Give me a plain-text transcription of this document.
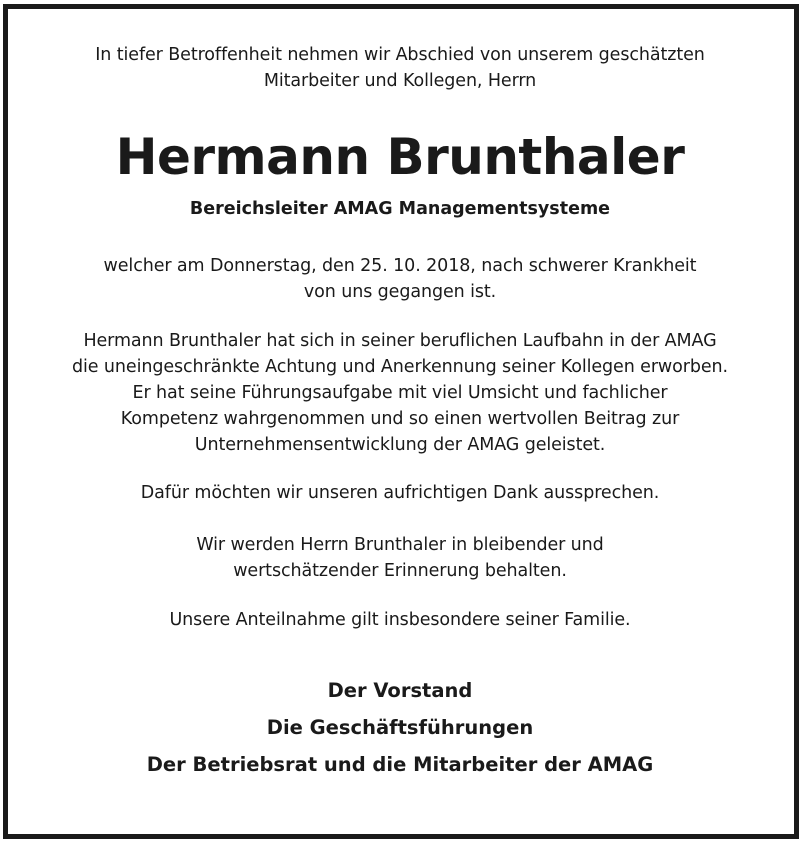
In tiefer Betroffenheit nehmen wir Abschied von unserem geschätzten
Mitarbeiter und Kollegen, Herrn

Hermann Brunthaler

Bereichsleiter AMAG Managementsysteme

welcher am Donnerstag, den 25. 10. 2018, nach schwerer Krankheit
von uns gegangen ist.

Hermann Brunthaler hat sich in seiner beruflichen Laufbahn in der AMAG
die uneingeschränkte Achtung und Anerkennung seiner Kollegen erworben.
Er hat seine Führungsaufgabe mit viel Umsicht und fachlicher
Kompetenz wahrgenommen und so einen wertvollen Beitrag zur
Unternehmensentwicklung der AMAG geleistet.

Dafür möchten wir unseren aufrichtigen Dank aussprechen.

Wir werden Herrn Brunthaler in bleibender und
wertschätzender Erinnerung behalten.

Unsere Anteilnahme gilt insbesondere seiner Familie.

Der Vorstand

Die Geschäftsführungen

Der Betriebsrat und die Mitarbeiter der AMAG
